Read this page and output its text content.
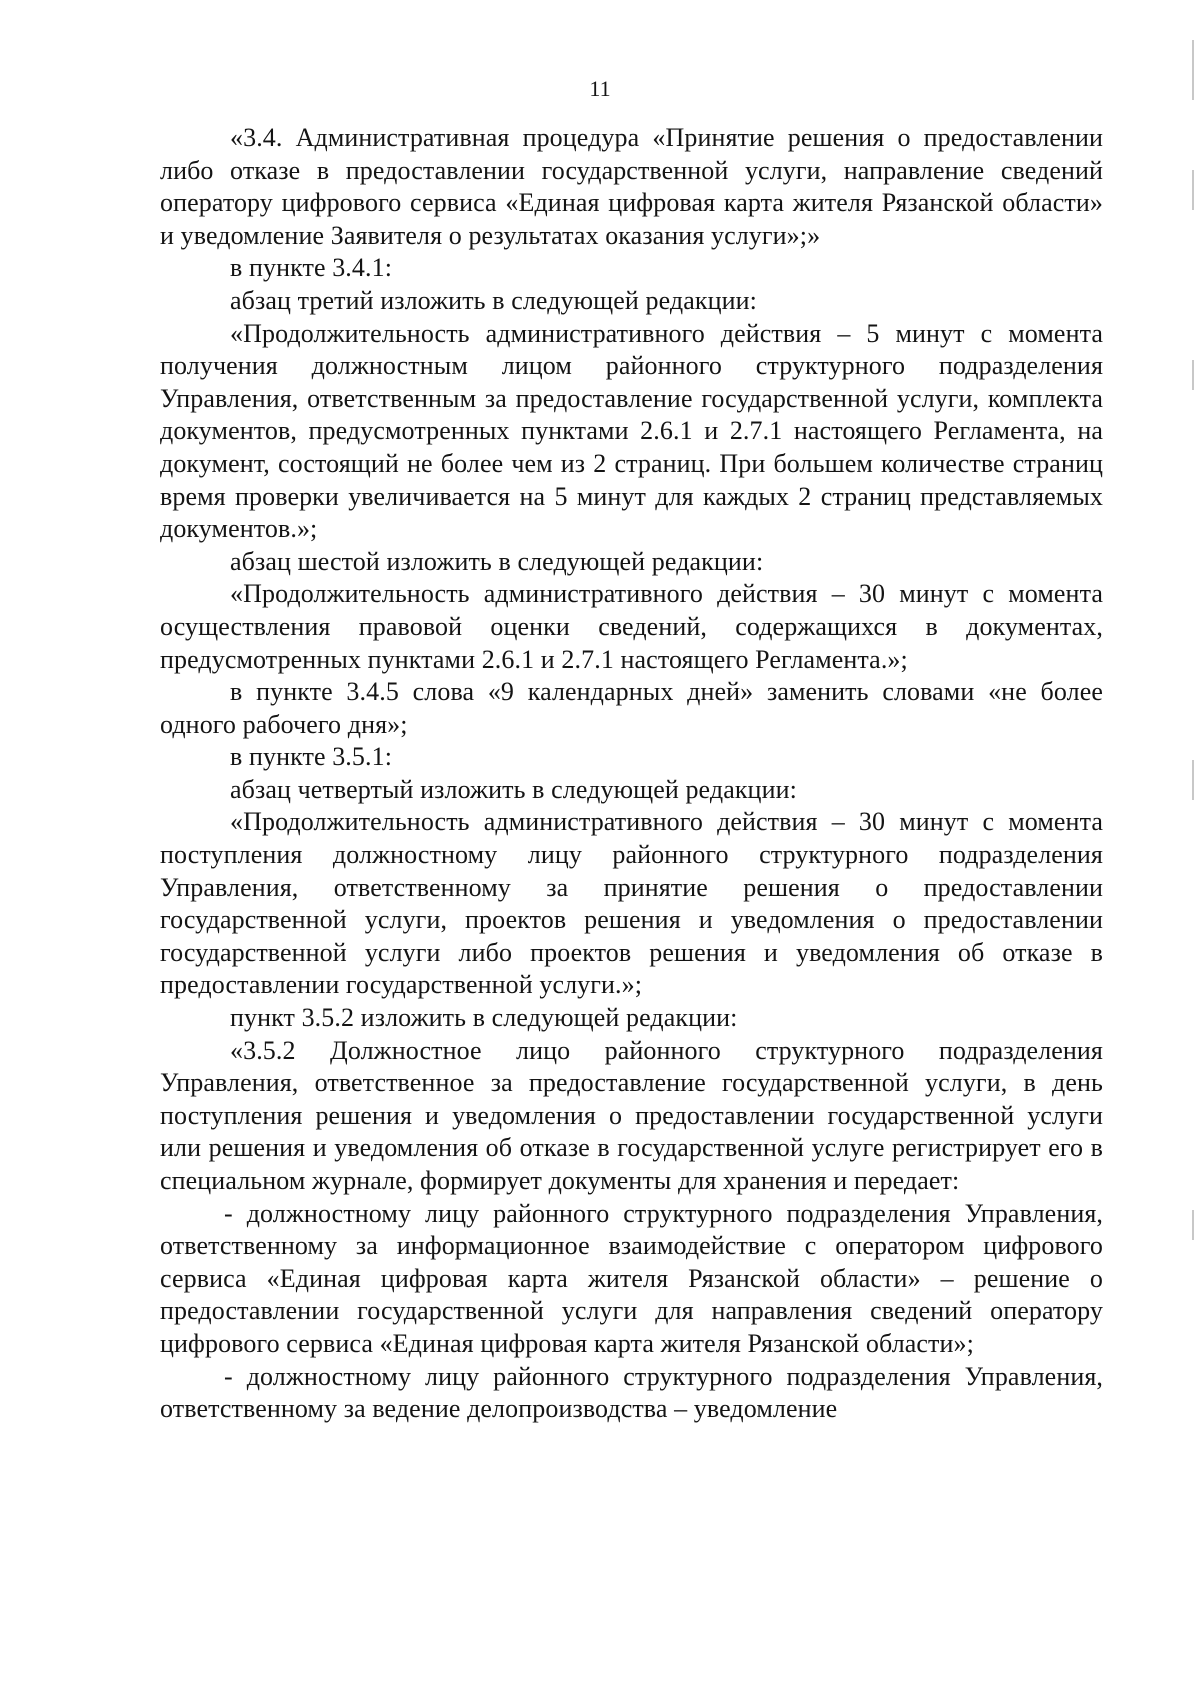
11

«3.4. Административная процедура «Принятие решения о предоставлении либо отказе в предоставлении государственной услуги, направление сведений оператору цифрового сервиса «Единая цифровая карта жителя Рязанской области» и уведомление Заявителя о результатах оказания услуги»;»

в пункте 3.4.1:

абзац третий изложить в следующей редакции:

«Продолжительность административного действия – 5 минут с момента получения должностным лицом районного структурного подразделения Управления, ответственным за предоставление государственной услуги, комплекта документов, предусмотренных пунктами 2.6.1 и 2.7.1 настоящего Регламента, на документ, состоящий не более чем из 2 страниц. При большем количестве страниц время проверки увеличивается на 5 минут для каждых 2 страниц представляемых документов.»;

абзац шестой изложить в следующей редакции:

«Продолжительность административного действия – 30 минут с момента осуществления правовой оценки сведений, содержащихся в документах, предусмотренных пунктами 2.6.1 и 2.7.1 настоящего Регламента.»;

в пункте 3.4.5 слова «9 календарных дней» заменить словами «не более одного рабочего дня»;

в пункте 3.5.1:

абзац четвертый изложить в следующей редакции:

«Продолжительность административного действия – 30 минут с момента поступления должностному лицу районного структурного подразделения Управления, ответственному за принятие решения о предоставлении государственной услуги, проектов решения и уведомления о предоставлении государственной услуги либо проектов решения и уведомления об отказе в предоставлении государственной услуги.»;

пункт 3.5.2 изложить в следующей редакции:

«3.5.2 Должностное лицо районного структурного подразделения Управления, ответственное за предоставление государственной услуги, в день поступления решения и уведомления о предоставлении государственной услуги или решения и уведомления об отказе в государственной услуге регистрирует его в специальном журнале, формирует документы для хранения и передает:

- должностному лицу районного структурного подразделения Управления, ответственному за информационное взаимодействие с оператором цифрового сервиса «Единая цифровая карта жителя Рязанской области» – решение о предоставлении государственной услуги для направления сведений оператору цифрового сервиса «Единая цифровая карта жителя Рязанской области»;

- должностному лицу районного структурного подразделения Управления, ответственному за ведение делопроизводства – уведомление
